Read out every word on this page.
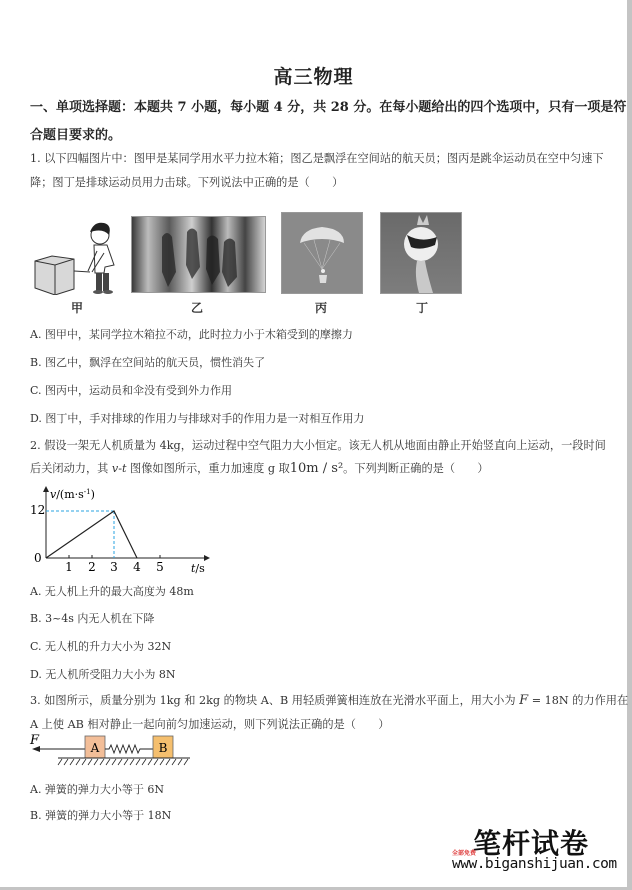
高三物理
一、单项选择题：本题共 7 小题，每小题 4 分，共 28 分。在每小题给出的四个选项中，只有一项是符
合题目要求的。
1. 以下四幅图片中：图甲是某同学用水平力拉木箱；图乙是飘浮在空间站的航天员；图丙是跳伞运动员在空中匀速下
降；图丁是排球运动员用力击球。下列说法中正确的是（　　）
甲	乙	丙	丁
A. 图甲中，某同学拉木箱拉不动，此时拉力小于木箱受到的摩擦力
B. 图乙中，飘浮在空间站的航天员，惯性消失了
C. 图丙中，运动员和伞没有受到外力作用
D. 图丁中，手对排球的作用力与排球对手的作用力是一对相互作用力
2. 假设一架无人机质量为 4kg，运动过程中空气阻力大小恒定。该无人机从地面由静止开始竖直向上运动，一段时间
后关闭动力，其 v-t 图像如图所示，重力加速度 g 取10m / s²。下列判断正确的是（　　）
$v/(m\cdot s^{-1})$
t/s
12
0
1 2 3 4 5
A. 无人机上升的最大高度为 48m
B. 3~4s 内无人机在下降
C. 无人机的升力大小为 32N
D. 无人机所受阻力大小为 8N
3. 如图所示，质量分别为 1kg 和 2kg 的物块 A、B 用轻质弹簧相连放在光滑水平面上，用大小为 F = 18N 的力作用在
A 上使 AB 相对静止一起向前匀加速运动，则下列说法正确的是（　　）
F	A	B
A. 弹簧的弹力大小等于 6N
B. 弹簧的弹力大小等于 18N
笔杆试卷
全部免费
www.biganshijuan.com
